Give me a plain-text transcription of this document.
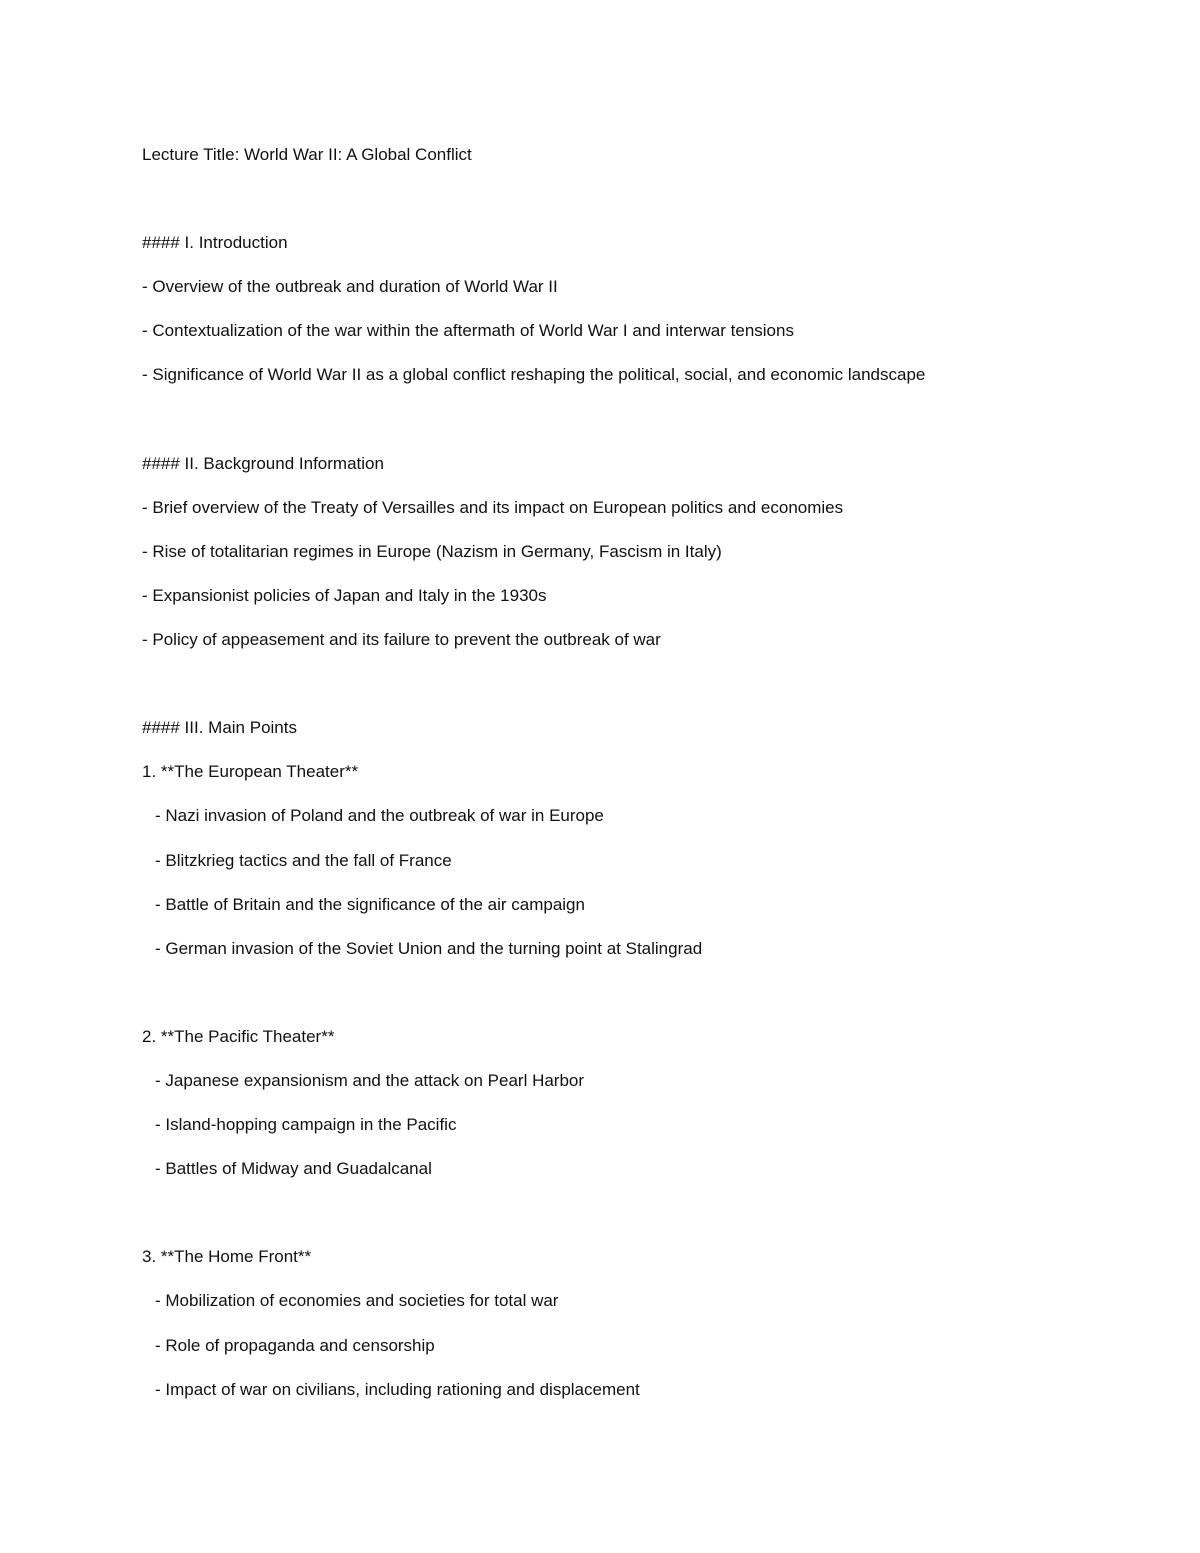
Lecture Title: World War II: A Global Conflict
#### I. Introduction
- Overview of the outbreak and duration of World War II
- Contextualization of the war within the aftermath of World War I and interwar tensions
- Significance of World War II as a global conflict reshaping the political, social, and economic landscape
#### II. Background Information
- Brief overview of the Treaty of Versailles and its impact on European politics and economies
- Rise of totalitarian regimes in Europe (Nazism in Germany, Fascism in Italy)
- Expansionist policies of Japan and Italy in the 1930s
- Policy of appeasement and its failure to prevent the outbreak of war
#### III. Main Points
1. **The European Theater**
- Nazi invasion of Poland and the outbreak of war in Europe
- Blitzkrieg tactics and the fall of France
- Battle of Britain and the significance of the air campaign
- German invasion of the Soviet Union and the turning point at Stalingrad
2. **The Pacific Theater**
- Japanese expansionism and the attack on Pearl Harbor
- Island-hopping campaign in the Pacific
- Battles of Midway and Guadalcanal
3. **The Home Front**
- Mobilization of economies and societies for total war
- Role of propaganda and censorship
- Impact of war on civilians, including rationing and displacement
